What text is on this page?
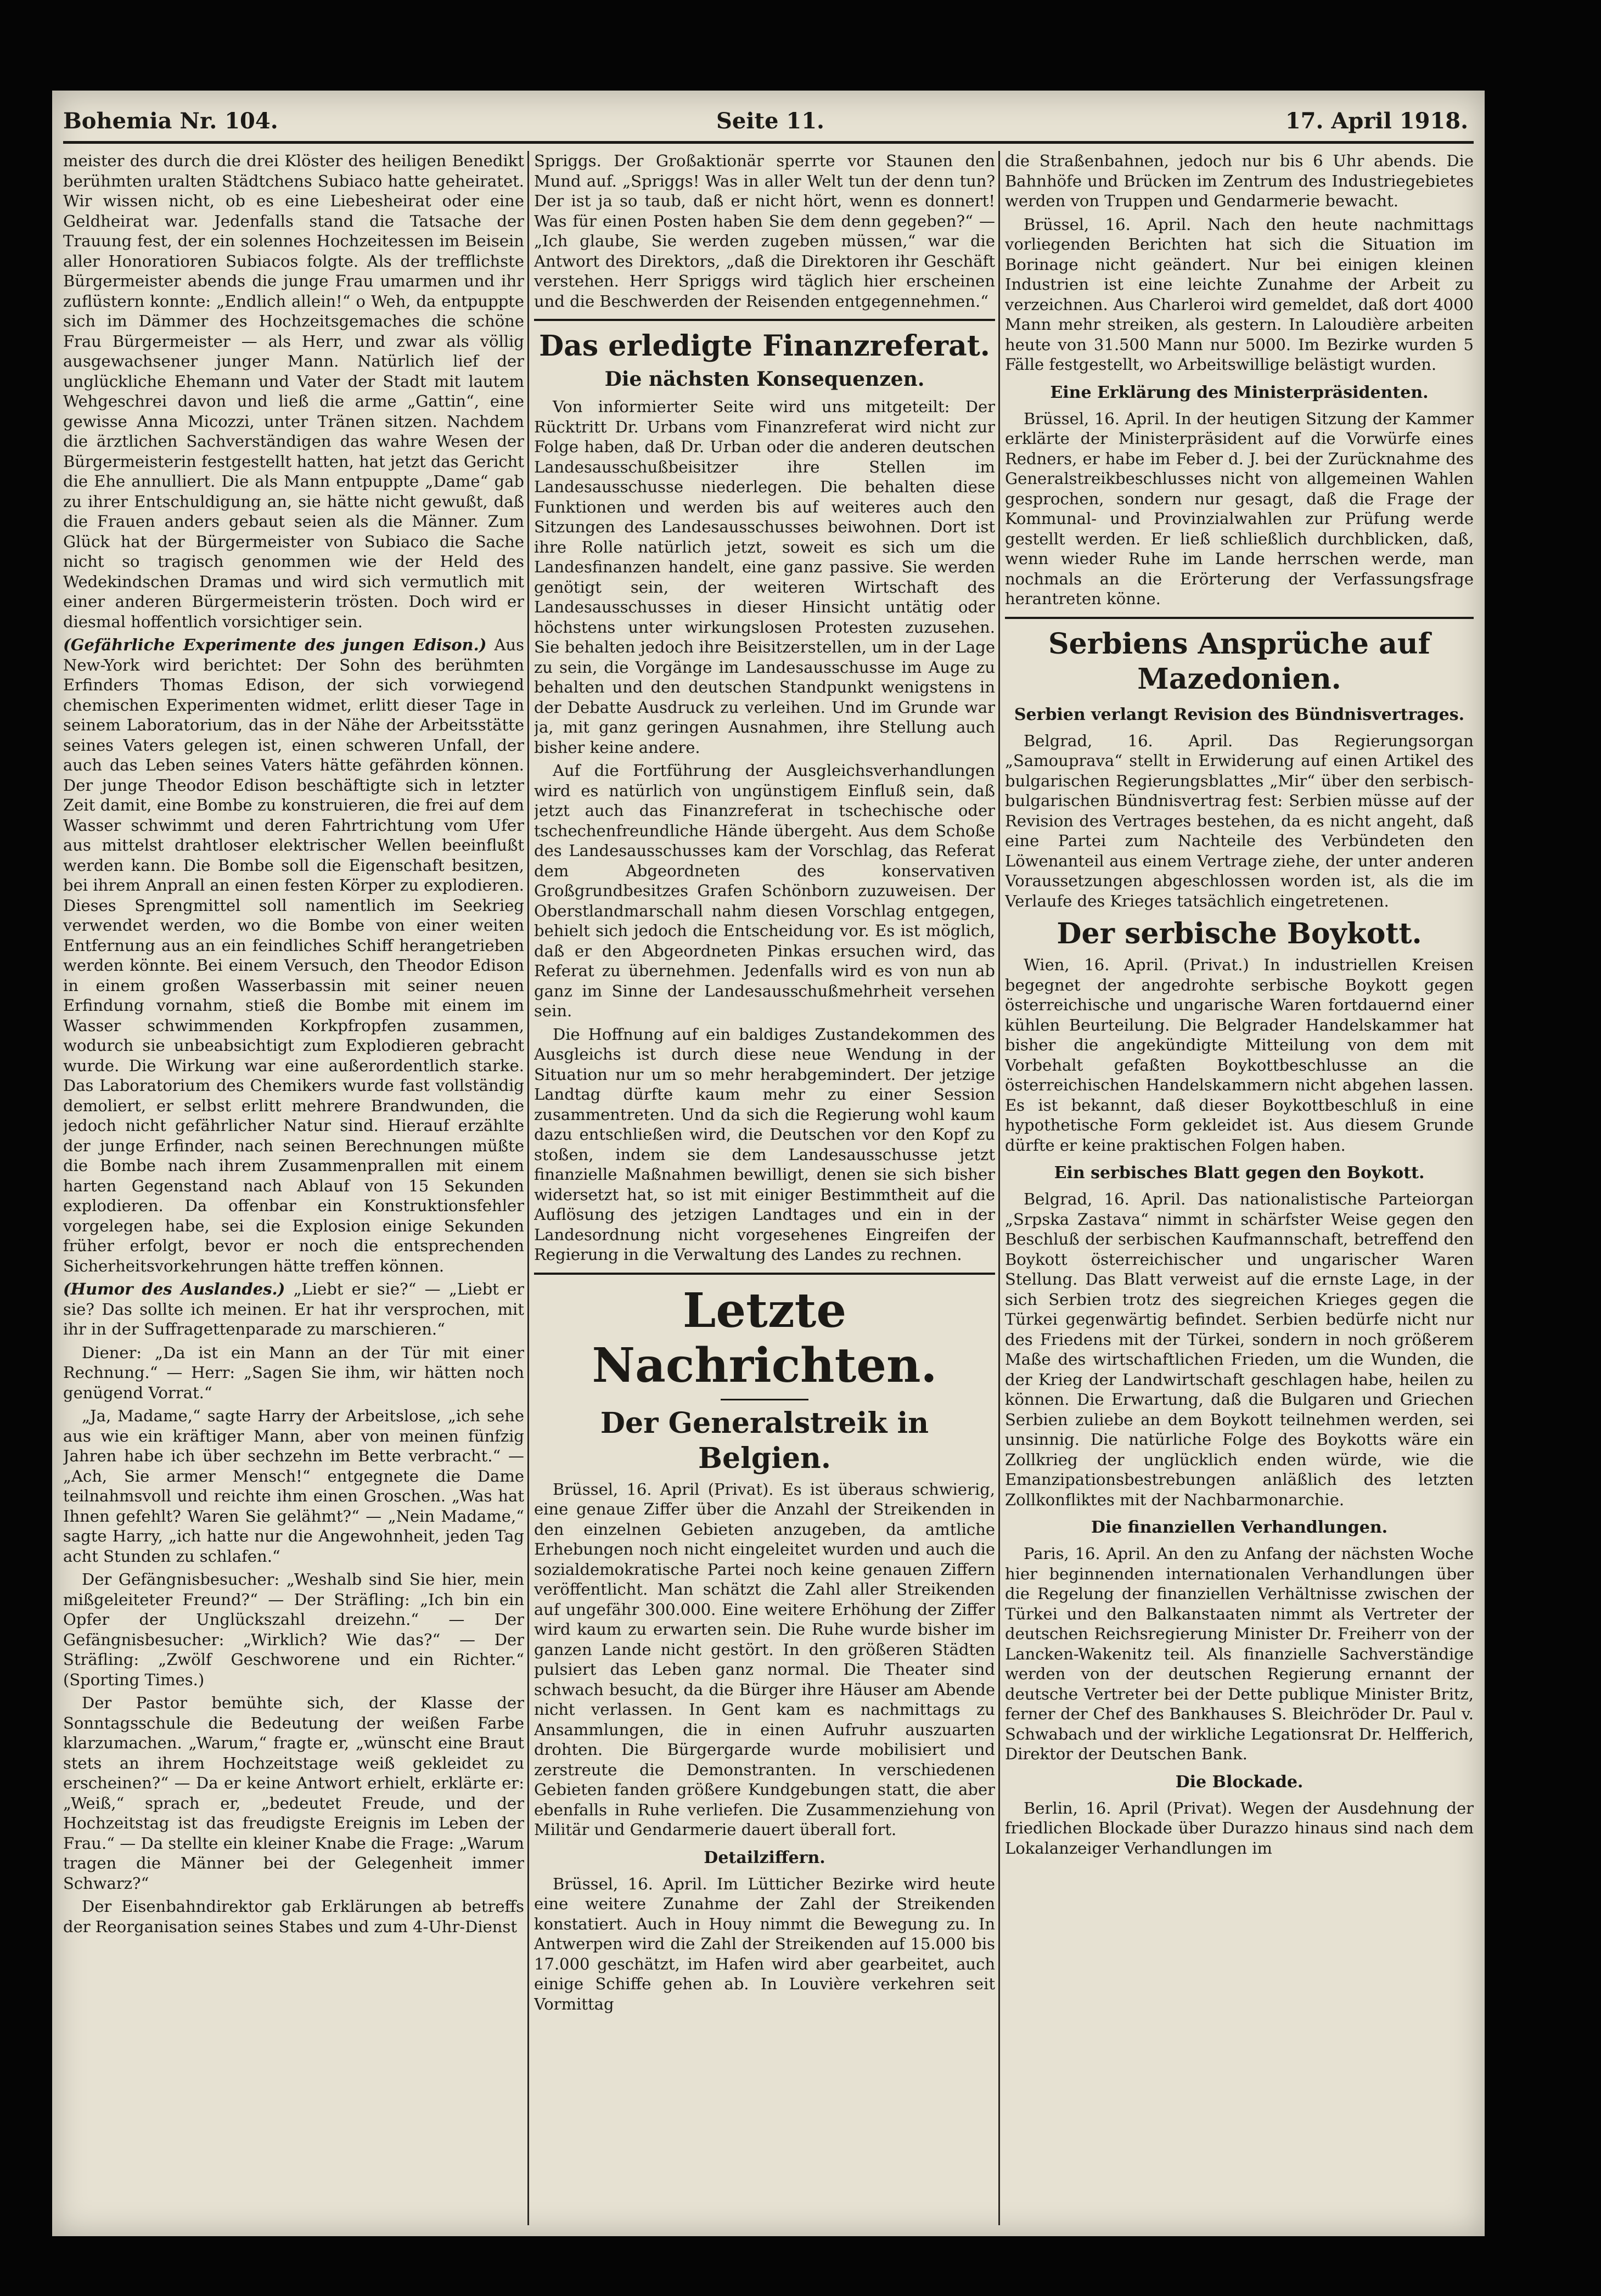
Bohemia Nr. 104.	Seite 11.	17. April 1918.

meister des durch die drei Klöster des heiligen Benedikt berühmten uralten Städtchens Subiaco hatte geheiratet. Wir wissen nicht, ob es eine Liebesheirat oder eine Geldheirat war. Jedenfalls stand die Tatsache der Trauung fest, der ein solennes Hochzeitessen im Beisein aller Honoratioren Subiacos folgte. Als der trefflichste Bürgermeister abends die junge Frau umarmen und ihr zuflüstern konnte: „Endlich allein!“ o Weh, da entpuppte sich im Dämmer des Hochzeitsgemaches die schöne Frau Bürgermeister — als Herr, und zwar als völlig ausgewachsener junger Mann. Natürlich lief der unglückliche Ehemann und Vater der Stadt mit lautem Wehgeschrei davon und ließ die arme „Gattin“, eine gewisse Anna Micozzi, unter Tränen sitzen. Nachdem die ärztlichen Sachverständigen das wahre Wesen der Bürgermeisterin festgestellt hatten, hat jetzt das Gericht die Ehe annulliert. Die als Mann entpuppte „Dame“ gab zu ihrer Entschuldigung an, sie hätte nicht gewußt, daß die Frauen anders gebaut seien als die Männer. Zum Glück hat der Bürgermeister von Subiaco die Sache nicht so tragisch genommen wie der Held des Wedekindschen Dramas und wird sich vermutlich mit einer anderen Bürgermeisterin trösten. Doch wird er diesmal hoffentlich vorsichtiger sein.

(Gefährliche Experimente des jungen Edison.) Aus New-York wird berichtet: Der Sohn des berühmten Erfinders Thomas Edison, der sich vorwiegend chemischen Experimenten widmet, erlitt dieser Tage in seinem Laboratorium, das in der Nähe der Arbeitsstätte seines Vaters gelegen ist, einen schweren Unfall, der auch das Leben seines Vaters hätte gefährden können. Der junge Theodor Edison beschäftigte sich in letzter Zeit damit, eine Bombe zu konstruieren, die frei auf dem Wasser schwimmt und deren Fahrtrichtung vom Ufer aus mittelst drahtloser elektrischer Wellen beeinflußt werden kann. Die Bombe soll die Eigenschaft besitzen, bei ihrem Anprall an einen festen Körper zu explodieren. Dieses Sprengmittel soll namentlich im Seekrieg verwendet werden, wo die Bombe von einer weiten Entfernung aus an ein feindliches Schiff herangetrieben werden könnte. Bei einem Versuch, den Theodor Edison in einem großen Wasserbassin mit seiner neuen Erfindung vornahm, stieß die Bombe mit einem im Wasser schwimmenden Korkpfropfen zusammen, wodurch sie unbeabsichtigt zum Explodieren gebracht wurde. Die Wirkung war eine außerordentlich starke. Das Laboratorium des Chemikers wurde fast vollständig demoliert, er selbst erlitt mehrere Brandwunden, die jedoch nicht gefährlicher Natur sind. Hierauf erzählte der junge Erfinder, nach seinen Berechnungen müßte die Bombe nach ihrem Zusammenprallen mit einem harten Gegenstand nach Ablauf von 15 Sekunden explodieren. Da offenbar ein Konstruktionsfehler vorgelegen habe, sei die Explosion einige Sekunden früher erfolgt, bevor er noch die entsprechenden Sicherheitsvorkehrungen hätte treffen können.

(Humor des Auslandes.) „Liebt er sie?“ — „Liebt er sie? Das sollte ich meinen. Er hat ihr versprochen, mit ihr in der Suffragettenparade zu marschieren.“

Diener: „Da ist ein Mann an der Tür mit einer Rechnung.“ — Herr: „Sagen Sie ihm, wir hätten noch genügend Vorrat.“

„Ja, Madame,“ sagte Harry der Arbeitslose, „ich sehe aus wie ein kräftiger Mann, aber von meinen fünfzig Jahren habe ich über sechzehn im Bette verbracht.“ — „Ach, Sie armer Mensch!“ entgegnete die Dame teilnahmsvoll und reichte ihm einen Groschen. „Was hat Ihnen gefehlt? Waren Sie gelähmt?“ — „Nein Madame,“ sagte Harry, „ich hatte nur die Angewohnheit, jeden Tag acht Stunden zu schlafen.“

Der Gefängnisbesucher: „Weshalb sind Sie hier, mein mißgeleiteter Freund?“ — Der Sträfling: „Ich bin ein Opfer der Unglückszahl dreizehn.“ — Der Gefängnisbesucher: „Wirklich? Wie das?“ — Der Sträfling: „Zwölf Geschworene und ein Richter.“ (Sporting Times.)

Der Pastor bemühte sich, der Klasse der Sonntagsschule die Bedeutung der weißen Farbe klarzumachen. „Warum,“ fragte er, „wünscht eine Braut stets an ihrem Hochzeitstage weiß gekleidet zu erscheinen?“ — Da er keine Antwort erhielt, erklärte er: „Weiß,“ sprach er, „bedeutet Freude, und der Hochzeitstag ist das freudigste Ereignis im Leben der Frau.“ — Da stellte ein kleiner Knabe die Frage: „Warum tragen die Männer bei der Gelegenheit immer Schwarz?“

Der Eisenbahndirektor gab Erklärungen ab betreffs der Reorganisation seines Stabes und zum 4-Uhr-Dienst

Spriggs. Der Großaktionär sperrte vor Staunen den Mund auf. „Spriggs! Was in aller Welt tun der denn tun? Der ist ja so taub, daß er nicht hört, wenn es donnert! Was für einen Posten haben Sie dem denn gegeben?“ — „Ich glaube, Sie werden zugeben müssen,“ war die Antwort des Direktors, „daß die Direktoren ihr Geschäft verstehen. Herr Spriggs wird täglich hier erscheinen und die Beschwerden der Reisenden entgegennehmen.“

Das erledigte Finanzreferat.
Die nächsten Konsequenzen.

Von informierter Seite wird uns mitgeteilt: Der Rücktritt Dr. Urbans vom Finanzreferat wird nicht zur Folge haben, daß Dr. Urban oder die anderen deutschen Landesausschußbeisitzer ihre Stellen im Landesausschusse niederlegen. Die behalten diese Funktionen und werden bis auf weiteres auch den Sitzungen des Landesausschusses beiwohnen. Dort ist ihre Rolle natürlich jetzt, soweit es sich um die Landesfinanzen handelt, eine ganz passive. Sie werden genötigt sein, der weiteren Wirtschaft des Landesausschusses in dieser Hinsicht untätig oder höchstens unter wirkungslosen Protesten zuzusehen. Sie behalten jedoch ihre Beisitzerstellen, um in der Lage zu sein, die Vorgänge im Landesausschusse im Auge zu behalten und den deutschen Standpunkt wenigstens in der Debatte Ausdruck zu verleihen. Und im Grunde war ja, mit ganz geringen Ausnahmen, ihre Stellung auch bisher keine andere.

Auf die Fortführung der Ausgleichsverhandlungen wird es natürlich von ungünstigem Einfluß sein, daß jetzt auch das Finanzreferat in tschechische oder tschechenfreundliche Hände übergeht. Aus dem Schoße des Landesausschusses kam der Vorschlag, das Referat dem Abgeordneten des konservativen Großgrundbesitzes Grafen Schönborn zuzuweisen. Der Oberstlandmarschall nahm diesen Vorschlag entgegen, behielt sich jedoch die Entscheidung vor. Es ist möglich, daß er den Abgeordneten Pinkas ersuchen wird, das Referat zu übernehmen. Jedenfalls wird es von nun ab ganz im Sinne der Landesausschußmehrheit versehen sein.

Die Hoffnung auf ein baldiges Zustandekommen des Ausgleichs ist durch diese neue Wendung in der Situation nur um so mehr herabgemindert. Der jetzige Landtag dürfte kaum mehr zu einer Session zusammentreten. Und da sich die Regierung wohl kaum dazu entschließen wird, die Deutschen vor den Kopf zu stoßen, indem sie dem Landesausschusse jetzt finanzielle Maßnahmen bewilligt, denen sie sich bisher widersetzt hat, so ist mit einiger Bestimmtheit auf die Auflösung des jetzigen Landtages und ein in der Landesordnung nicht vorgesehenes Eingreifen der Regierung in die Verwaltung des Landes zu rechnen.

Letzte Nachrichten.
Der Generalstreik in Belgien.

Brüssel, 16. April (Privat). Es ist überaus schwierig, eine genaue Ziffer über die Anzahl der Streikenden in den einzelnen Gebieten anzugeben, da amtliche Erhebungen noch nicht eingeleitet wurden und auch die sozialdemokratische Partei noch keine genauen Ziffern veröffentlicht. Man schätzt die Zahl aller Streikenden auf ungefähr 300.000. Eine weitere Erhöhung der Ziffer wird kaum zu erwarten sein. Die Ruhe wurde bisher im ganzen Lande nicht gestört. In den größeren Städten pulsiert das Leben ganz normal. Die Theater sind schwach besucht, da die Bürger ihre Häuser am Abende nicht verlassen. In Gent kam es nachmittags zu Ansammlungen, die in einen Aufruhr auszuarten drohten. Die Bürgergarde wurde mobilisiert und zerstreute die Demonstranten. In verschiedenen Gebieten fanden größere Kundgebungen statt, die aber ebenfalls in Ruhe verliefen. Die Zusammenziehung von Militär und Gendarmerie dauert überall fort.

Detailziffern.

Brüssel, 16. April. Im Lütticher Bezirke wird heute eine weitere Zunahme der Zahl der Streikenden konstatiert. Auch in Houy nimmt die Bewegung zu. In Antwerpen wird die Zahl der Streikenden auf 15.000 bis 17.000 geschätzt, im Hafen wird aber gearbeitet, auch einige Schiffe gehen ab. In Louvière verkehren seit Vormittag

die Straßenbahnen, jedoch nur bis 6 Uhr abends. Die Bahnhöfe und Brücken im Zentrum des Industriegebietes werden von Truppen und Gendarmerie bewacht.

Brüssel, 16. April. Nach den heute nachmittags vorliegenden Berichten hat sich die Situation im Borinage nicht geändert. Nur bei einigen kleinen Industrien ist eine leichte Zunahme der Arbeit zu verzeichnen. Aus Charleroi wird gemeldet, daß dort 4000 Mann mehr streiken, als gestern. In Laloudière arbeiten heute von 31.500 Mann nur 5000. Im Bezirke wurden 5 Fälle festgestellt, wo Arbeitswillige belästigt wurden.

Eine Erklärung des Ministerpräsidenten.

Brüssel, 16. April. In der heutigen Sitzung der Kammer erklärte der Ministerpräsident auf die Vorwürfe eines Redners, er habe im Feber d. J. bei der Zurücknahme des Generalstreikbeschlusses nicht von allgemeinen Wahlen gesprochen, sondern nur gesagt, daß die Frage der Kommunal- und Provinzialwahlen zur Prüfung werde gestellt werden. Er ließ schließlich durchblicken, daß, wenn wieder Ruhe im Lande herrschen werde, man nochmals an die Erörterung der Verfassungsfrage herantreten könne.

Serbiens Ansprüche auf Mazedonien.
Serbien verlangt Revision des Bündnisvertrages.

Belgrad, 16. April. Das Regierungsorgan „Samouprava“ stellt in Erwiderung auf einen Artikel des bulgarischen Regierungsblattes „Mir“ über den serbisch-bulgarischen Bündnisvertrag fest: Serbien müsse auf der Revision des Vertrages bestehen, da es nicht angeht, daß eine Partei zum Nachteile des Verbündeten den Löwenanteil aus einem Vertrage ziehe, der unter anderen Voraussetzungen abgeschlossen worden ist, als die im Verlaufe des Krieges tatsächlich eingetretenen.

Der serbische Boykott.

Wien, 16. April. (Privat.) In industriellen Kreisen begegnet der angedrohte serbische Boykott gegen österreichische und ungarische Waren fortdauernd einer kühlen Beurteilung. Die Belgrader Handelskammer hat bisher die angekündigte Mitteilung von dem mit Vorbehalt gefaßten Boykottbeschlusse an die österreichischen Handelskammern nicht abgehen lassen. Es ist bekannt, daß dieser Boykottbeschluß in eine hypothetische Form gekleidet ist. Aus diesem Grunde dürfte er keine praktischen Folgen haben.

Ein serbisches Blatt gegen den Boykott.

Belgrad, 16. April. Das nationalistische Parteiorgan „Srpska Zastava“ nimmt in schärfster Weise gegen den Beschluß der serbischen Kaufmannschaft, betreffend den Boykott österreichischer und ungarischer Waren Stellung. Das Blatt verweist auf die ernste Lage, in der sich Serbien trotz des siegreichen Krieges gegen die Türkei gegenwärtig befindet. Serbien bedürfe nicht nur des Friedens mit der Türkei, sondern in noch größerem Maße des wirtschaftlichen Frieden, um die Wunden, die der Krieg der Landwirtschaft geschlagen habe, heilen zu können. Die Erwartung, daß die Bulgaren und Griechen Serbien zuliebe an dem Boykott teilnehmen werden, sei unsinnig. Die natürliche Folge des Boykotts wäre ein Zollkrieg der unglücklich enden würde, wie die Emanzipationsbestrebungen anläßlich des letzten Zollkonfliktes mit der Nachbarmonarchie.

Die finanziellen Verhandlungen.

Paris, 16. April. An den zu Anfang der nächsten Woche hier beginnenden internationalen Verhandlungen über die Regelung der finanziellen Verhältnisse zwischen der Türkei und den Balkanstaaten nimmt als Vertreter der deutschen Reichsregierung Minister Dr. Freiherr von der Lancken-Wakenitz teil. Als finanzielle Sachverständige werden von der deutschen Regierung ernannt der deutsche Vertreter bei der Dette publique Minister Britz, ferner der Chef des Bankhauses S. Bleichröder Dr. Paul v. Schwabach und der wirkliche Legationsrat Dr. Helfferich, Direktor der Deutschen Bank.

Die Blockade.

Berlin, 16. April (Privat). Wegen der Ausdehnung der friedlichen Blockade über Durazzo hinaus sind nach dem Lokalanzeiger Verhandlungen im
